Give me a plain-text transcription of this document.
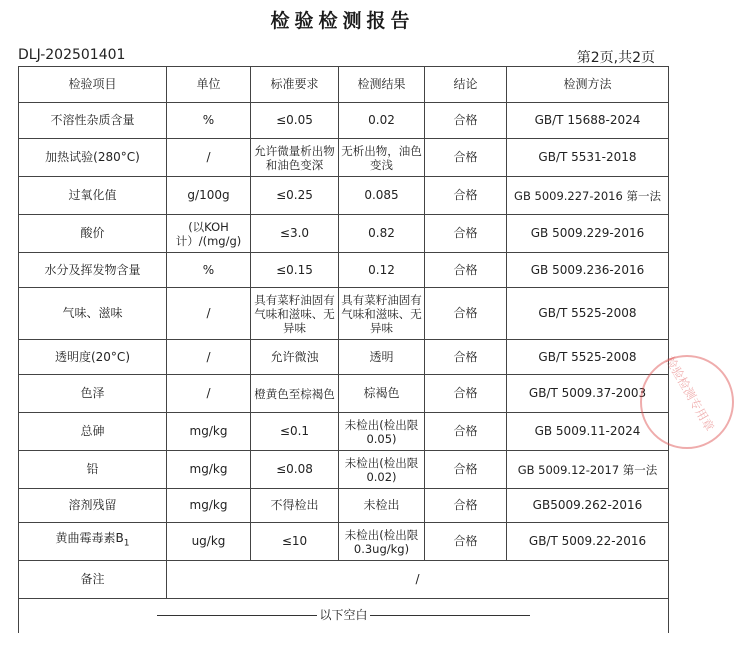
检验检测报告
DLJ-202501401	第2页,共2页
检验项目	单位	标准要求	检测结果	结论	检测方法
不溶性杂质含量	%	≤0.05	0.02	合格	GB/T 15688-2024
加热试验(280°C)	/	允许微量析出物和油色变深	无析出物，油色变浅	合格	GB/T 5531-2018
过氧化值	g/100g	≤0.25	0.085	合格	GB 5009.227-2016 第一法
酸价	(以KOH计）/(mg/g)	≤3.0	0.82	合格	GB 5009.229-2016
水分及挥发物含量	%	≤0.15	0.12	合格	GB 5009.236-2016
气味、滋味	/	具有菜籽油固有气味和滋味、无异味	具有菜籽油固有气味和滋味、无异味	合格	GB/T 5525-2008
透明度(20°C)	/	允许微浊	透明	合格	GB/T 5525-2008
色泽	/	橙黄色至棕褐色	棕褐色	合格	GB/T 5009.37-2003
总砷	mg/kg	≤0.1	未检出(检出限0.05)	合格	GB 5009.11-2024
铅	mg/kg	≤0.08	未检出(检出限0.02)	合格	GB 5009.12-2017 第一法
溶剂残留	mg/kg	不得检出	未检出	合格	GB5009.262-2016
黄曲霉毒素$B_1$	ug/kg	≤10	未检出(检出限0.3ug/kg)	合格	GB/T 5009.22-2016
备注	/				

以下空白					
检验检测专用章
